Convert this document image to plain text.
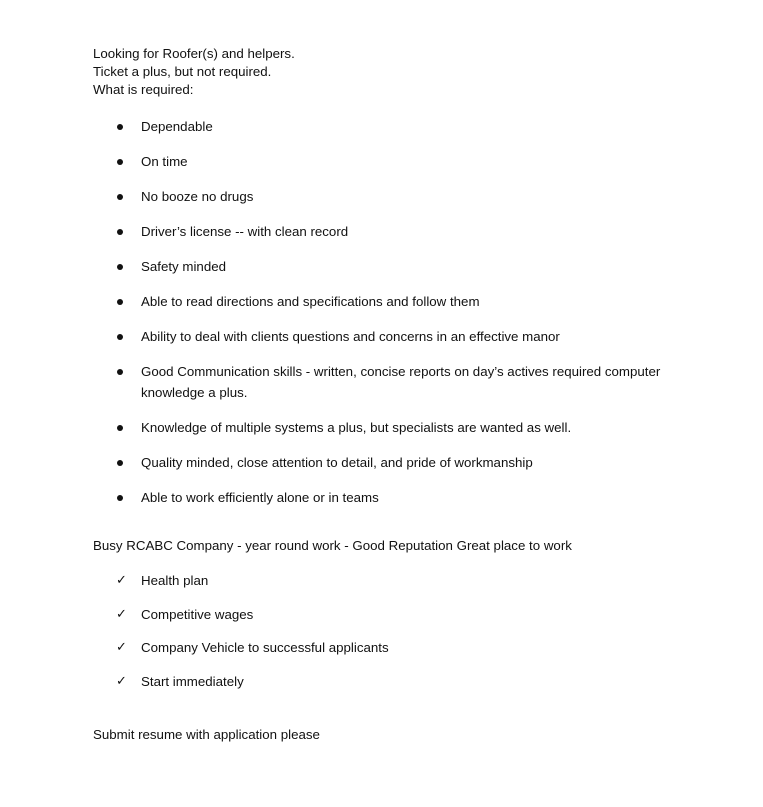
Looking for Roofer(s) and helpers.
Ticket a plus, but not required.
What is required:
Dependable
On time
No booze no drugs
Driver’s license -- with clean record
Safety minded
Able to read directions and specifications and follow them
Ability to deal with clients questions and concerns in an effective manor
Good Communication skills - written, concise reports on day’s actives required computer knowledge a plus.
Knowledge of multiple systems a plus, but specialists are wanted as well.
Quality minded, close attention to detail, and pride of workmanship
Able to work efficiently alone or in teams
Busy RCABC Company - year round work - Good Reputation Great place to work
✓ Health plan
✓ Competitive wages
✓ Company Vehicle to successful applicants
✓ Start immediately
Submit resume with application please
